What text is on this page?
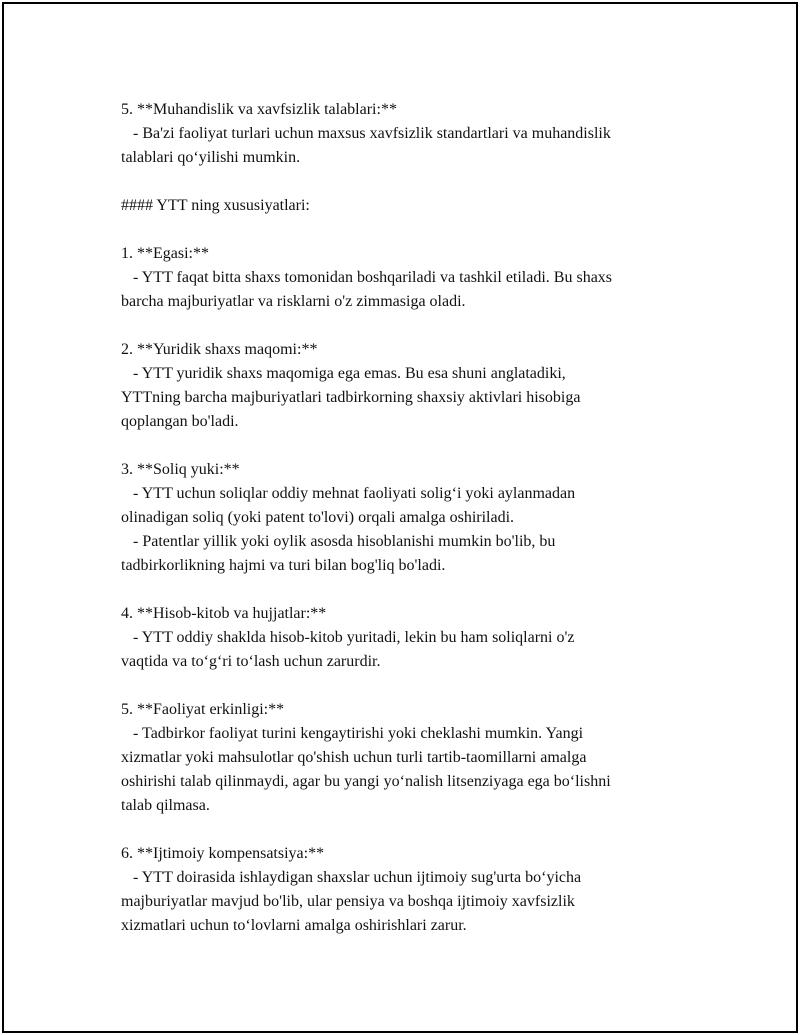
5. **Muhandislik va xavfsizlik talablari:**
- Ba'zi faoliyat turlari uchun maxsus xavfsizlik standartlari va muhandislik
talablari qo‘yilishi mumkin.
#### YTT ning xususiyatlari:
1. **Egasi:**
- YTT faqat bitta shaxs tomonidan boshqariladi va tashkil etiladi. Bu shaxs
barcha majburiyatlar va risklarni o'z zimmasiga oladi.
2. **Yuridik shaxs maqomi:**
- YTT yuridik shaxs maqomiga ega emas. Bu esa shuni anglatadiki,
YTTning barcha majburiyatlari tadbirkorning shaxsiy aktivlari hisobiga
qoplangan bo'ladi.
3. **Soliq yuki:**
- YTT uchun soliqlar oddiy mehnat faoliyati solig‘i yoki aylanmadan
olinadigan soliq (yoki patent to'lovi) orqali amalga oshiriladi.
- Patentlar yillik yoki oylik asosda hisoblanishi mumkin bo'lib, bu
tadbirkorlikning hajmi va turi bilan bog'liq bo'ladi.
4. **Hisob-kitob va hujjatlar:**
- YTT oddiy shaklda hisob-kitob yuritadi, lekin bu ham soliqlarni o'z
vaqtida va to‘g‘ri to‘lash uchun zarurdir.
5. **Faoliyat erkinligi:**
- Tadbirkor faoliyat turini kengaytirishi yoki cheklashi mumkin. Yangi
xizmatlar yoki mahsulotlar qo'shish uchun turli tartib-taomillarni amalga
oshirishi talab qilinmaydi, agar bu yangi yo‘nalish litsenziyaga ega bo‘lishni
talab qilmasa.
6. **Ijtimoiy kompensatsiya:**
- YTT doirasida ishlaydigan shaxslar uchun ijtimoiy sug'urta bo‘yicha
majburiyatlar mavjud bo'lib, ular pensiya va boshqa ijtimoiy xavfsizlik
xizmatlari uchun to‘lovlarni amalga oshirishlari zarur.
